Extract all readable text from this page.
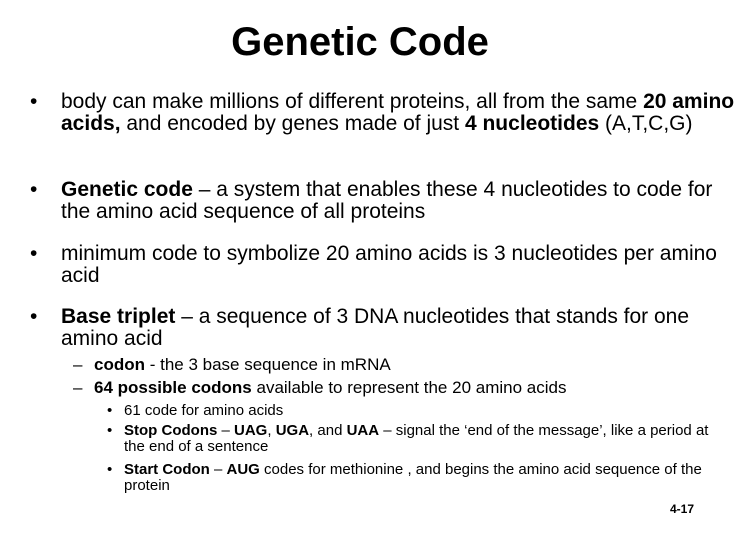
Genetic Code
•	body can make millions of different proteins, all from the same 20 amino acids, and encoded by genes made of just 4 nucleotides (A,T,C,G)
•	Genetic code – a system that enables these 4 nucleotides to code for the amino acid sequence of all proteins
•	minimum code to symbolize 20 amino acids is 3 nucleotides per amino acid
•	Base triplet – a sequence of 3 DNA nucleotides that stands for one amino acid
– codon - the 3 base sequence in mRNA
– 64 possible codons available to represent the 20 amino acids
• 61 code for amino acids
• Stop Codons – UAG, UGA, and UAA – signal the ‘end of the message’, like a period at the end of a sentence
• Start Codon – AUG codes for methionine , and begins the amino acid sequence of the protein
4-17
